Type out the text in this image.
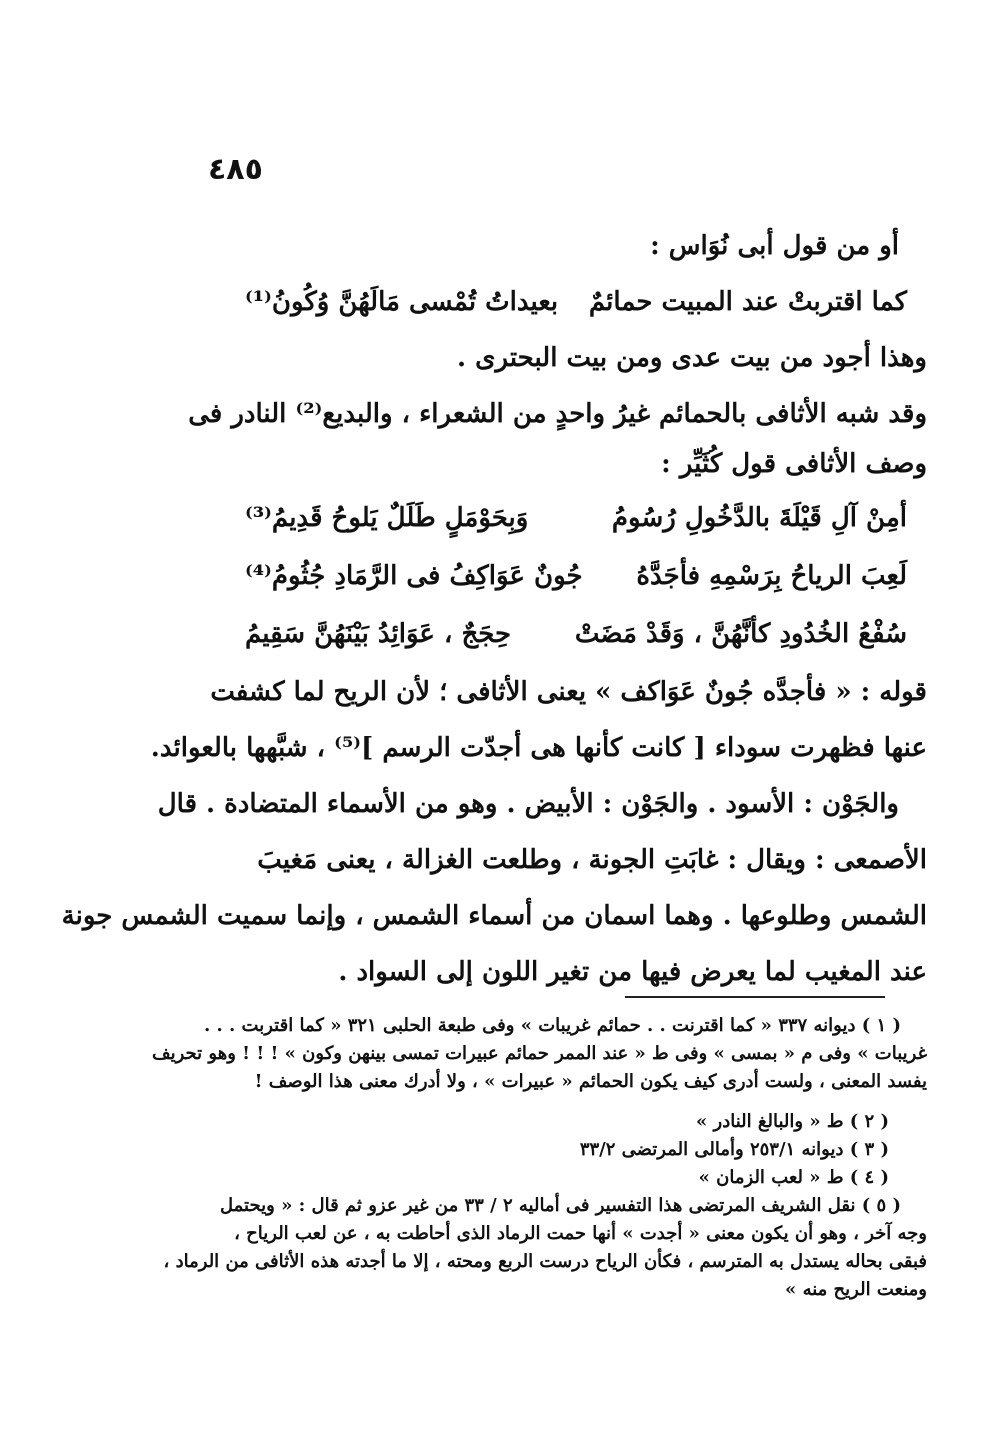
٤٨٥
أو من قول أبى نُوَاس :
كما اقتربتْ عند المبيت حمائمٌ
بعيداتُ تُمْسى مَالَهُنَّ وُكُونُ⁽¹⁾
وهذا أجود من بيت عدى ومن بيت البحترى .
وقد شبه الأثافى بالحمائم غيرُ واحدٍ من الشعراء ، والبديع⁽²⁾ النادر فى
وصف الأثافى قول كُثَيِّر :
أمِنْ آلِ قَيْلَةَ بالدَّخُولِ رُسُومُ
وَبِحَوْمَلٍ طَلَلٌ يَلوحُ قَدِيمُ⁽³⁾
لَعِبَ الرياحُ بِرَسْمِهِ فأجَدَّهُ
جُونٌ عَوَاكِفُ فى الرَّمَادِ جُثُومُ⁽⁴⁾
سُفْعُ الخُدُودِ كأنَّهُنَّ ، وَقَدْ مَضَتْ
حِجَجٌ ، عَوَائِدُ بَيْنَهُنَّ سَقِيمُ
قوله : « فأجدَّه جُونٌ عَوَاكف » يعنى الأثافى ؛ لأن الريح لما كشفت
عنها فظهرت سوداء [ كانت كأنها هى أجدّت الرسم ]⁽⁵⁾ ، شبَّهها بالعوائد.
والجَوْن : الأسود . والجَوْن : الأبيض . وهو من الأسماء المتضادة . قال
الأصمعى : ويقال : غابَتِ الجونة ، وطلعت الغزالة ، يعنى مَغيبَ
الشمس وطلوعها . وهما اسمان من أسماء الشمس ، وإنما سميت الشمس جونة
عند المغيب لما يعرض فيها من تغير اللون إلى السواد .
( ١ ) ديوانه ٣٣٧ « كما اقترنت . . حمائم غريبات » وفى طبعة الحلبى ٣٢١ « كما اقتربت . . .
غريبات » وفى م « بمسى » وفى ط « عند الممر حمائم عبيرات تمسى بينهن وكون » ! ! ! وهو تحريف
يفسد المعنى ، ولست أدرى كيف يكون الحمائم « عبيرات » ، ولا أدرك معنى هذا الوصف !
( ٢ ) ط « والبالغ النادر »
( ٣ ) ديوانه ٢٥٣/١ وأمالى المرتضى ٣٣/٢
( ٤ ) ط « لعب الزمان »
( ٥ ) نقل الشريف المرتضى هذا التفسير فى أماليه ٢ / ٣٣ من غير عزو ثم قال : « ويحتمل
وجه آخر ، وهو أن يكون معنى « أجدت » أنها حمت الرماد الذى أحاطت به ، عن لعب الرياح ،
فبقى بحاله يستدل به المترسم ، فكأن الرياح درست الربع ومحته ، إلا ما أجدته هذه الأثافى من الرماد ،
ومنعت الريح منه »
